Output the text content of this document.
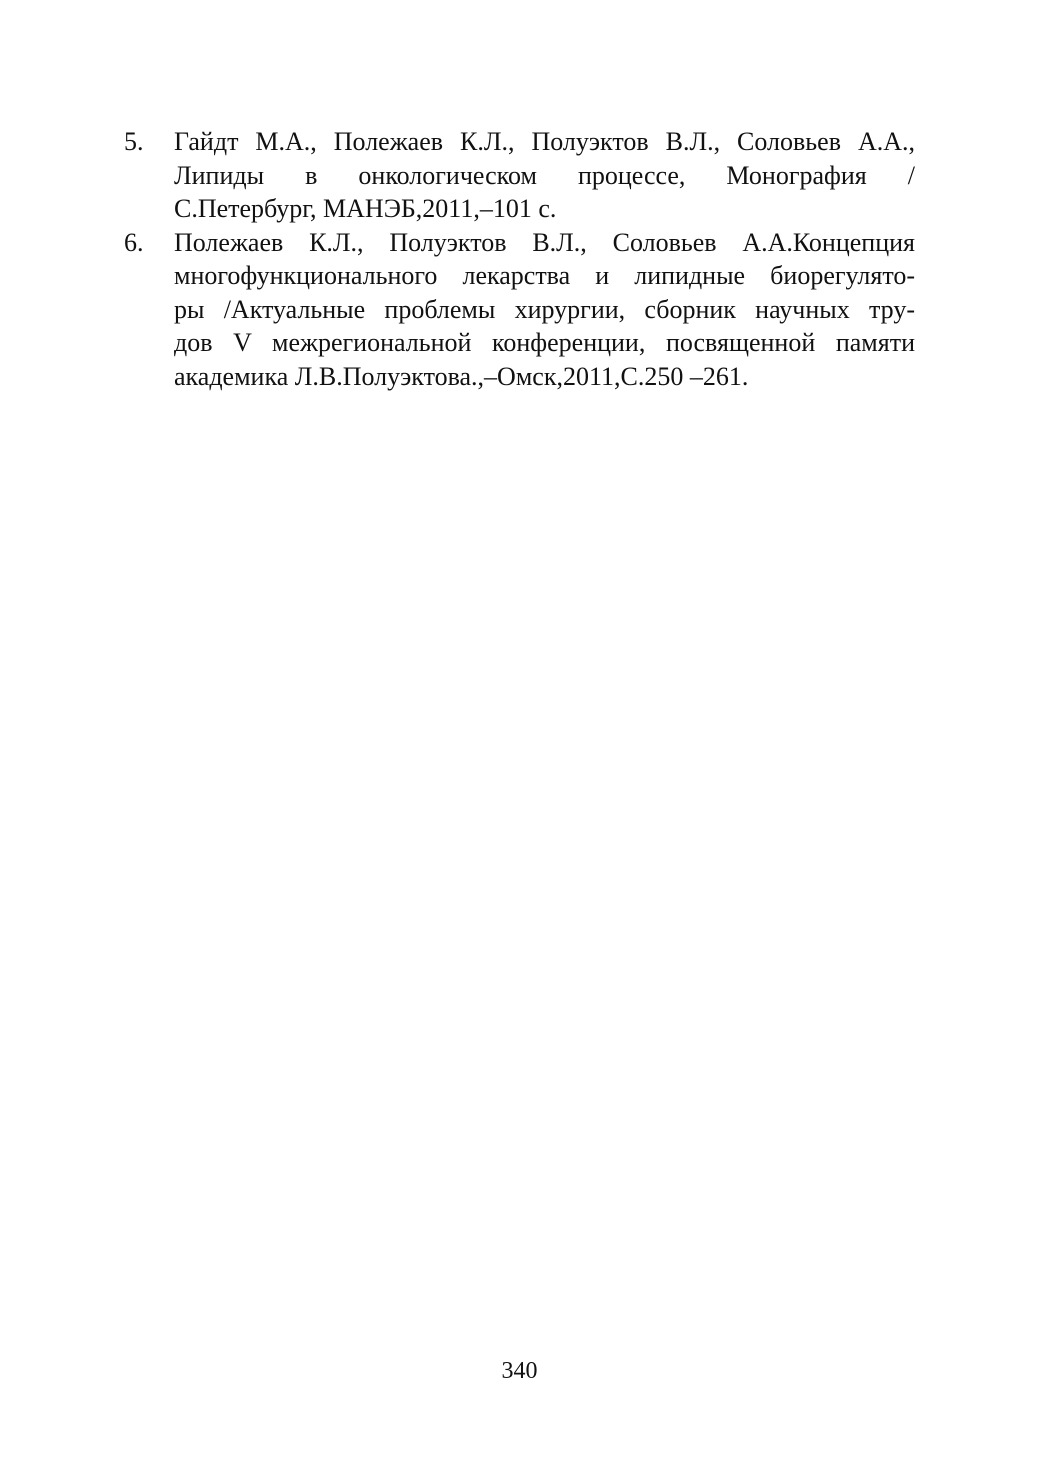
5. Гайдт М.А., Полежаев К.Л., Полуэктов В.Л., Соловьев А.А.,
Липиды в онкологическом процессе, Монография /
С.Петербург, МАНЭБ,2011,–101 с.
6. Полежаев К.Л., Полуэктов В.Л., Соловьев А.А.Концепция
многофункционального лекарства и липидные биорегулято-
ры /Актуальные проблемы хирургии, сборник научных тру-
дов V межрегиональной конференции, посвященной памяти
академика Л.В.Полуэктова.,–Омск,2011,С.250 –261.
340
